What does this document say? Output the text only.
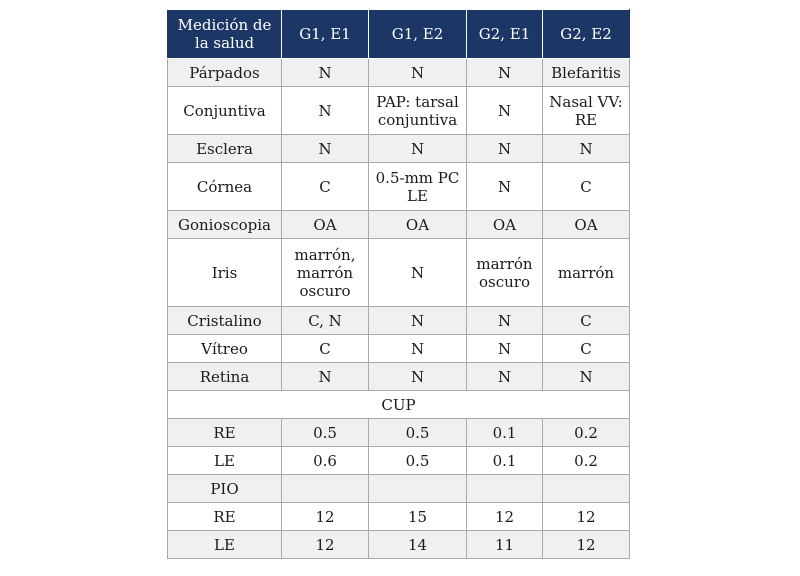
Medición de la salud	G1, E1	G1, E2	G2, E1	G2, E2
Párpados	N	N	N	Blefaritis
Conjuntiva	N	PAP: tarsal conjuntiva	N	Nasal VV: RE
Esclera	N	N	N	N
Córnea	C	0.5-mm PC LE	N	C
Gonioscopia	OA	OA	OA	OA
Iris	marrón, marrón oscuro	N	marrón oscuro	marrón
Cristalino	C, N	N	N	C
Vítreo	C	N	N	C
Retina	N	N	N	N
CUP				
RE	0.5	0.5	0.1	0.2
LE	0.6	0.5	0.1	0.2
PIO				
RE	12	15	12	12
LE	12	14	11	12
